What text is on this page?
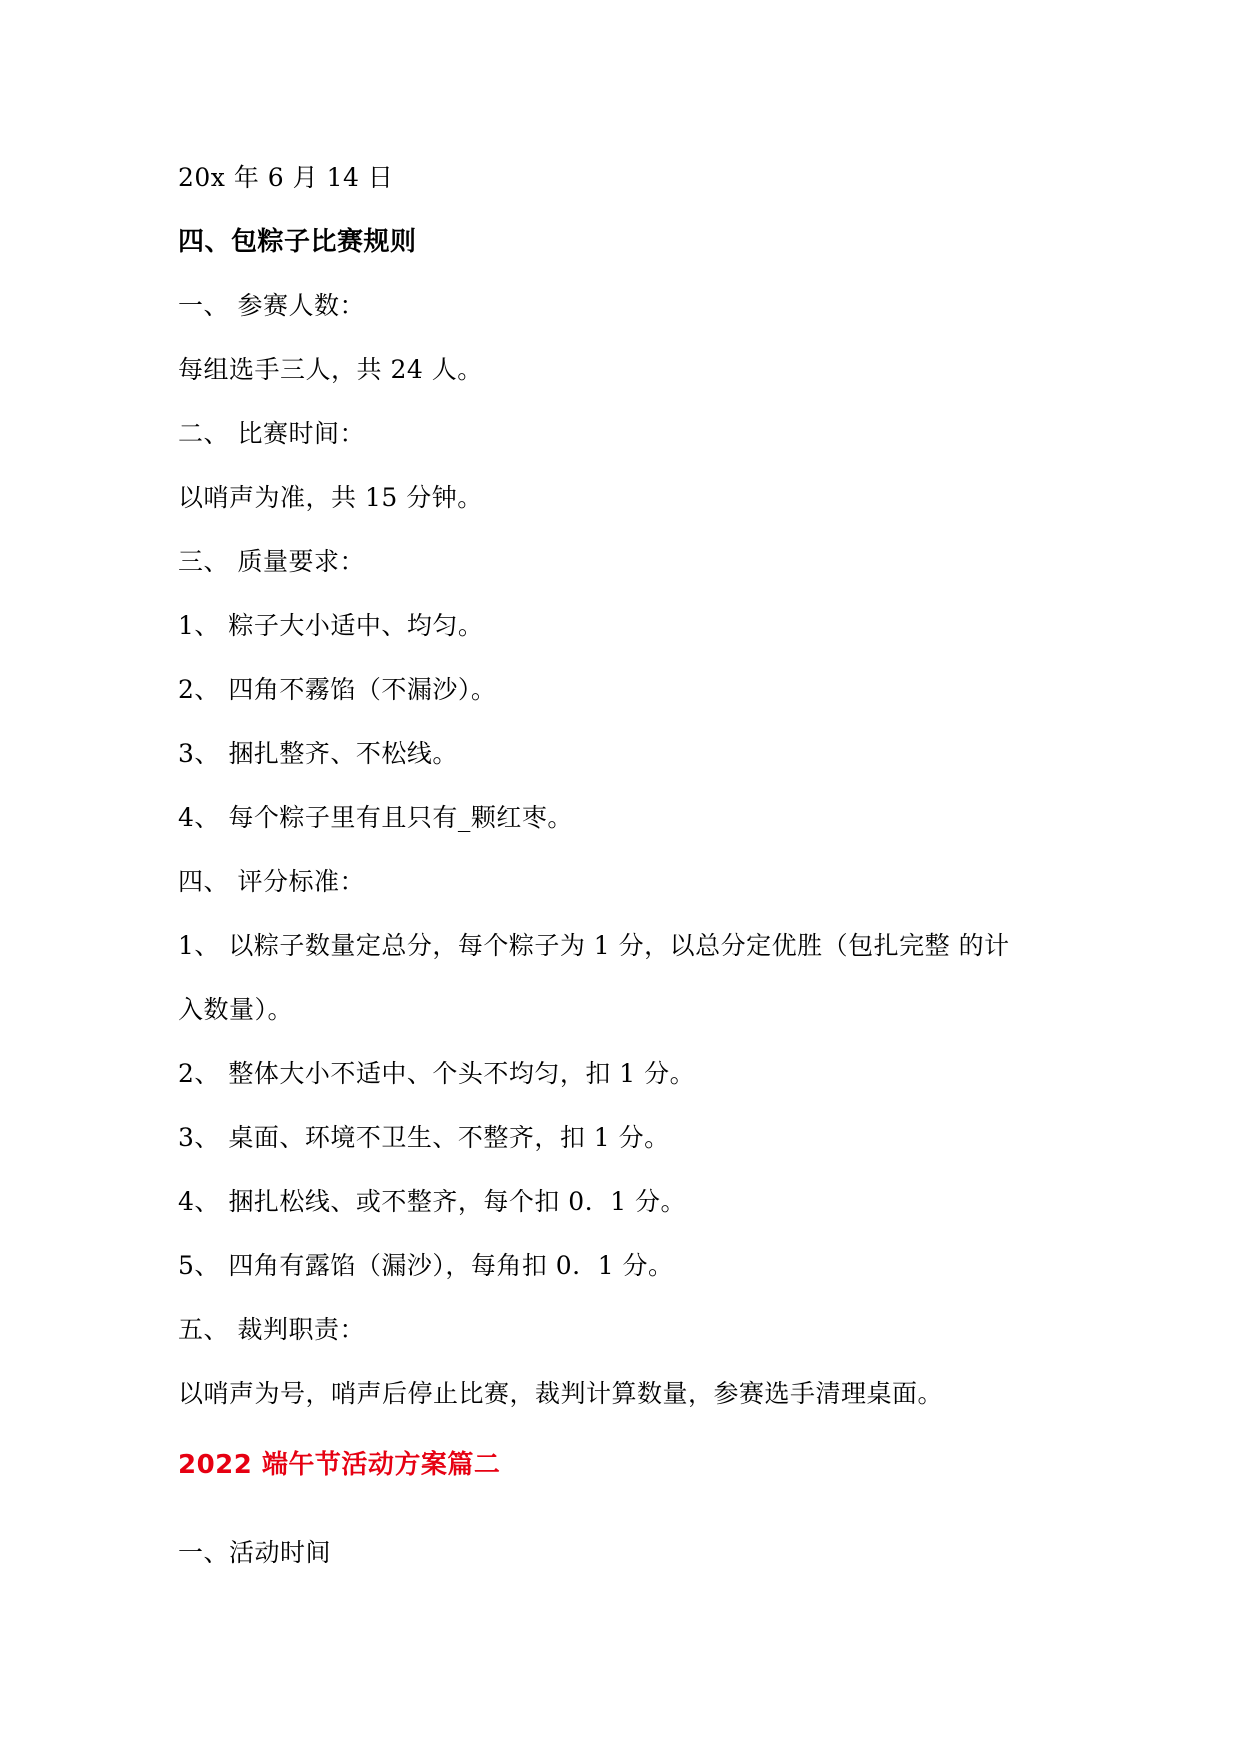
20x 年 6 月 14 日

四、包粽子比赛规则

一、 参赛人数：

每组选手三人，共 24 人。

二、 比赛时间：

以哨声为准，共 15 分钟。

三、 质量要求：

1、 粽子大小适中、均匀。

2、 四角不霧馅（不漏沙）。

3、 捆扎整齐、不松线。

4、 每个粽子里有且只有_颗红枣。

四、 评分标准：

1、 以粽子数量定总分，每个粽子为 1 分，以总分定优胜（包扎完整 的计

入数量）。

2、 整体大小不适中、个头不均匀，扣 1 分。

3、 桌面、环境不卫生、不整齐，扣 1 分。

4、 捆扎松线、或不整齐，每个扣 0．1 分。

5、 四角有露馅（漏沙），每角扣 0．1 分。

五、 裁判职责：

以哨声为号，哨声后停止比赛，裁判计算数量，参赛选手清理桌面。

2022 端午节活动方案篇二

一、活动时间
